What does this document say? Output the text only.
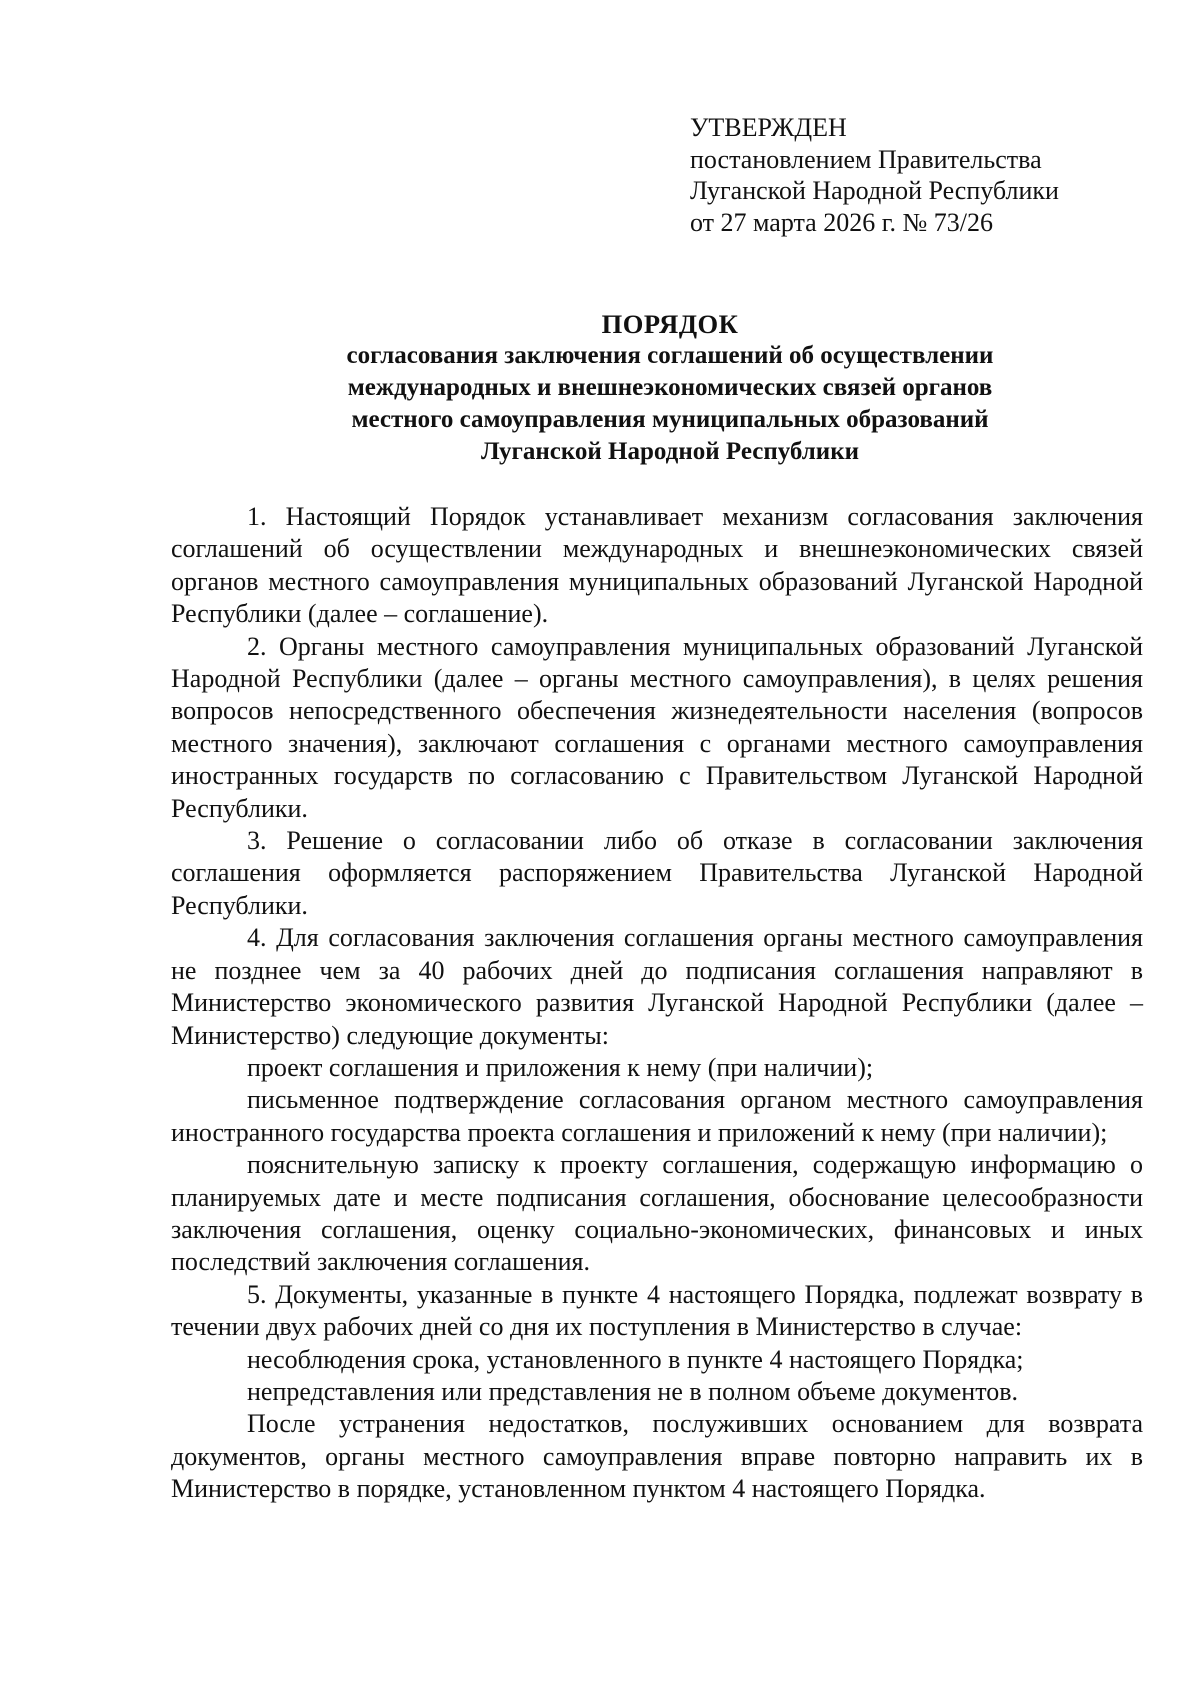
УТВЕРЖДЕН
постановлением Правительства
Луганской Народной Республики
от 27 марта 2026 г. № 73/26
ПОРЯДОК
согласования заключения соглашений об осуществлении
международных и внешнеэкономических связей органов
местного самоуправления муниципальных образований
Луганской Народной Республики

1. Настоящий Порядок устанавливает механизм согласования заключения соглашений об осуществлении международных и внешнеэкономических связей органов местного самоуправления муниципальных образований Луганской Народной Республики (далее – соглашение).

2. Органы местного самоуправления муниципальных образований Луганской Народной Республики (далее – органы местного самоуправления), в целях решения вопросов непосредственного обеспечения жизнедеятельности населения (вопросов местного значения), заключают соглашения с органами местного самоуправления иностранных государств по согласованию с Правительством Луганской Народной Республики.

3. Решение о согласовании либо об отказе в согласовании заключения соглашения оформляется распоряжением Правительства Луганской Народной Республики.

4. Для согласования заключения соглашения органы местного самоуправления не позднее чем за 40 рабочих дней до подписания соглашения направляют в Министерство экономического развития Луганской Народной Республики (далее – Министерство) следующие документы:

проект соглашения и приложения к нему (при наличии);

письменное подтверждение согласования органом местного самоуправления иностранного государства проекта соглашения и приложений к нему (при наличии);

пояснительную записку к проекту соглашения, содержащую информацию о планируемых дате и месте подписания соглашения, обоснование целесообразности заключения соглашения, оценку социально-экономических, финансовых и иных последствий заключения соглашения.

5. Документы, указанные в пункте 4 настоящего Порядка, подлежат возврату в течении двух рабочих дней со дня их поступления в Министерство в случае:

несоблюдения срока, установленного в пункте 4 настоящего Порядка;

непредставления или представления не в полном объеме документов.

После устранения недостатков, послуживших основанием для возврата документов, органы местного самоуправления вправе повторно направить их в Министерство в порядке, установленном пунктом 4 настоящего Порядка.
